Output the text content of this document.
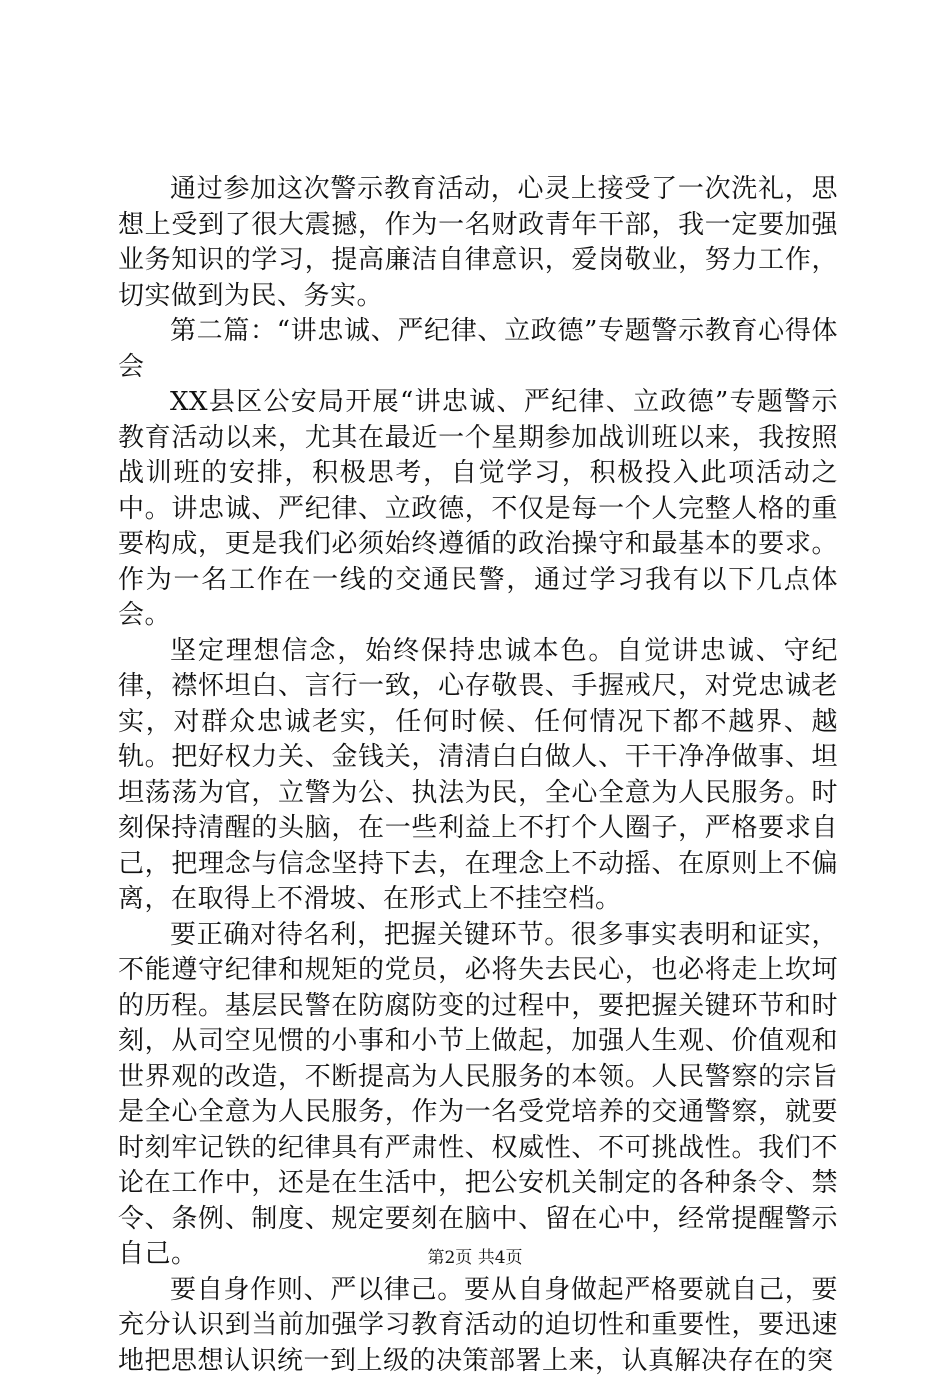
通过参加这次警示教育活动，心灵上接受了一次洗礼，思想上受到了很大震撼，作为一名财政青年干部，我一定要加强业务知识的学习，提高廉洁自律意识，爱岗敬业，努力工作，切实做到为民、务实。

第二篇：“讲忠诚、严纪律、立政德”专题警示教育心得体会

XX县区公安局开展“讲忠诚、严纪律、立政德”专题警示教育活动以来，尤其在最近一个星期参加战训班以来，我按照战训班的安排，积极思考，自觉学习，积极投入此项活动之中。讲忠诚、严纪律、立政德，不仅是每一个人完整人格的重要构成，更是我们必须始终遵循的政治操守和最基本的要求。作为一名工作在一线的交通民警，通过学习我有以下几点体会。

坚定理想信念，始终保持忠诚本色。自觉讲忠诚、守纪律，襟怀坦白、言行一致，心存敬畏、手握戒尺，对党忠诚老实，对群众忠诚老实，任何时候、任何情况下都不越界、越轨。把好权力关、金钱关，清清白白做人、干干净净做事、坦坦荡荡为官，立警为公、执法为民，全心全意为人民服务。时刻保持清醒的头脑，在一些利益上不打个人圈子，严格要求自己，把理念与信念坚持下去，在理念上不动摇、在原则上不偏离，在取得上不滑坡、在形式上不挂空档。

要正确对待名利，把握关键环节。很多事实表明和证实，不能遵守纪律和规矩的党员，必将失去民心，也必将走上坎坷的历程。基层民警在防腐防变的过程中，要把握关键环节和时刻，从司空见惯的小事和小节上做起，加强人生观、价值观和世界观的改造，不断提高为人民服务的本领。人民警察的宗旨是全心全意为人民服务，作为一名受党培养的交通警察，就要时刻牢记铁的纪律具有严肃性、权威性、不可挑战性。我们不论在工作中，还是在生活中，把公安机关制定的各种条令、禁令、条例、制度、规定要刻在脑中、留在心中，经常提醒警示自己。

要自身作则、严以律己。要从自身做起严格要就自己，要充分认识到当前加强学习教育活动的迫切性和重要性，要迅速地把思想认识统一到上级的决策部署上来，认真解决存在的突

第2页 共4页
